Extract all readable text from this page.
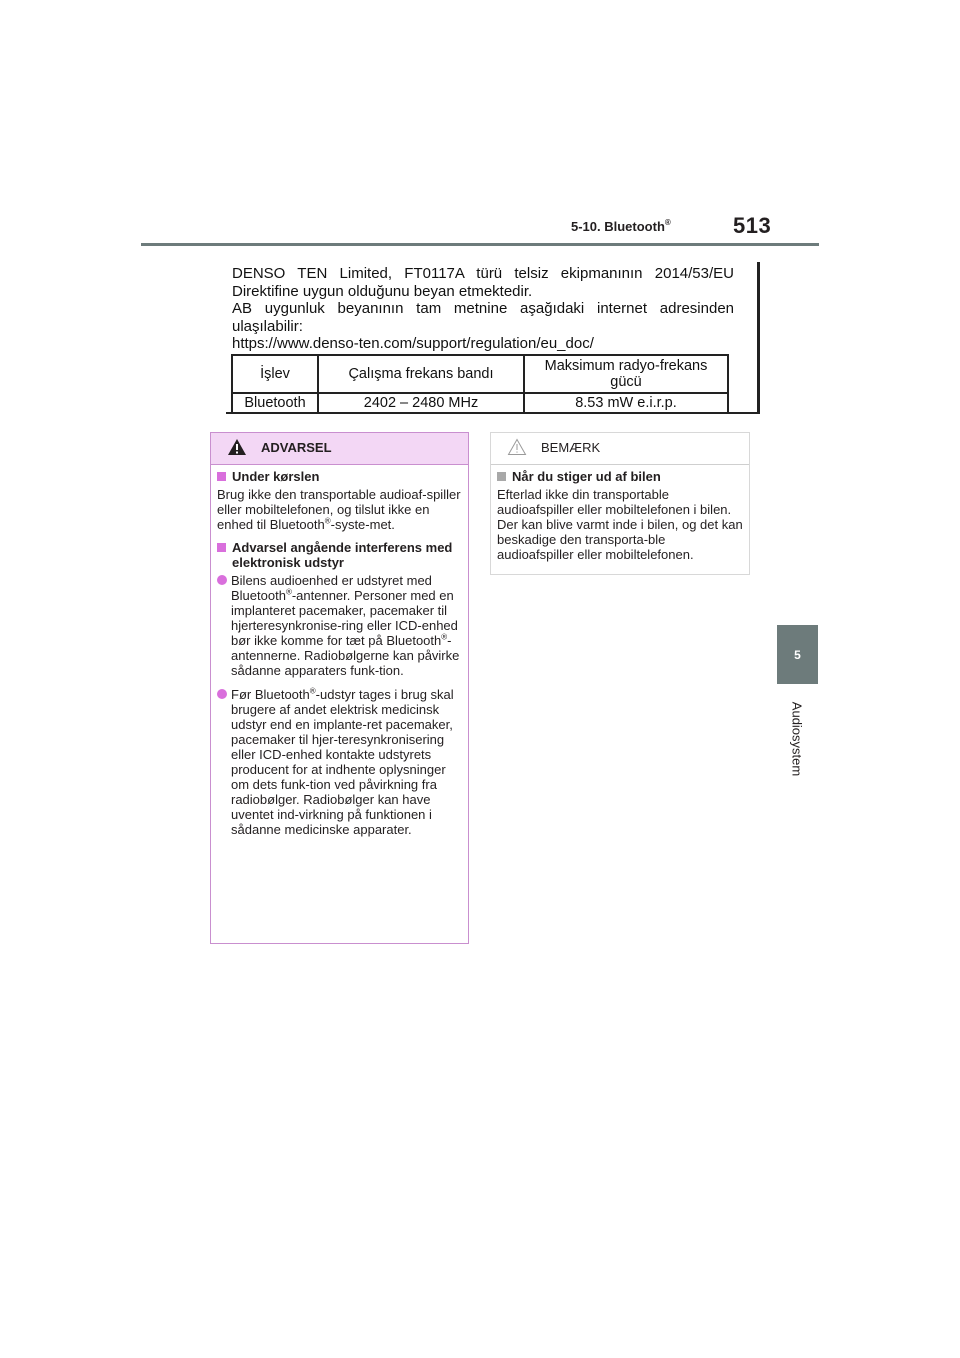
5-10. Bluetooth®	513
5
Audiosystem
DENSO TEN Limited, FT0117A türü telsiz ekipmanının 2014/53/EU
Direktifine uygun olduğunu beyan etmektedir.
AB uygunluk beyanının tam metnine aşağıdaki internet adresinden
ulaşılabilir:
https://www.denso-ten.com/support/regulation/eu_doc/
İşlev	Çalışma frekans bandı	Maksimum radyo-frekans gücü
Bluetooth	2402 – 2480 MHz	8.53 mW e.i.r.p.
ADVARSEL
Under kørslen

Brug ikke den transportable audioaf-spiller eller mobiltelefonen, og tilslut ikke en enhed til Bluetooth®-syste-met.

Advarsel angående interferens med elektronisk udstyr
Bilens audioenhed er udstyret med Bluetooth®-antenner. Personer med en implanteret pacemaker, pacemaker til hjerteresynkronise-ring eller ICD-enhed bør ikke komme for tæt på Bluetooth®-antennerne. Radiobølgerne kan påvirke sådanne apparaters funk-tion.
Før Bluetooth®-udstyr tages i brug skal brugere af andet elektrisk medicinsk udstyr end en implante-ret pacemaker, pacemaker til hjer-teresynkronisering eller ICD-enhed kontakte udstyrets producent for at indhente oplysninger om dets funk-tion ved påvirkning fra radiobølger. Radiobølger kan have uventet ind-virkning på funktionen i sådanne medicinske apparater.
BEMÆRK
Når du stiger ud af bilen

Efterlad ikke din transportable audioafspiller eller mobiltelefonen i bilen. Der kan blive varmt inde i bilen, og det kan beskadige den transporta-ble audioafspiller eller mobiltelefonen.
